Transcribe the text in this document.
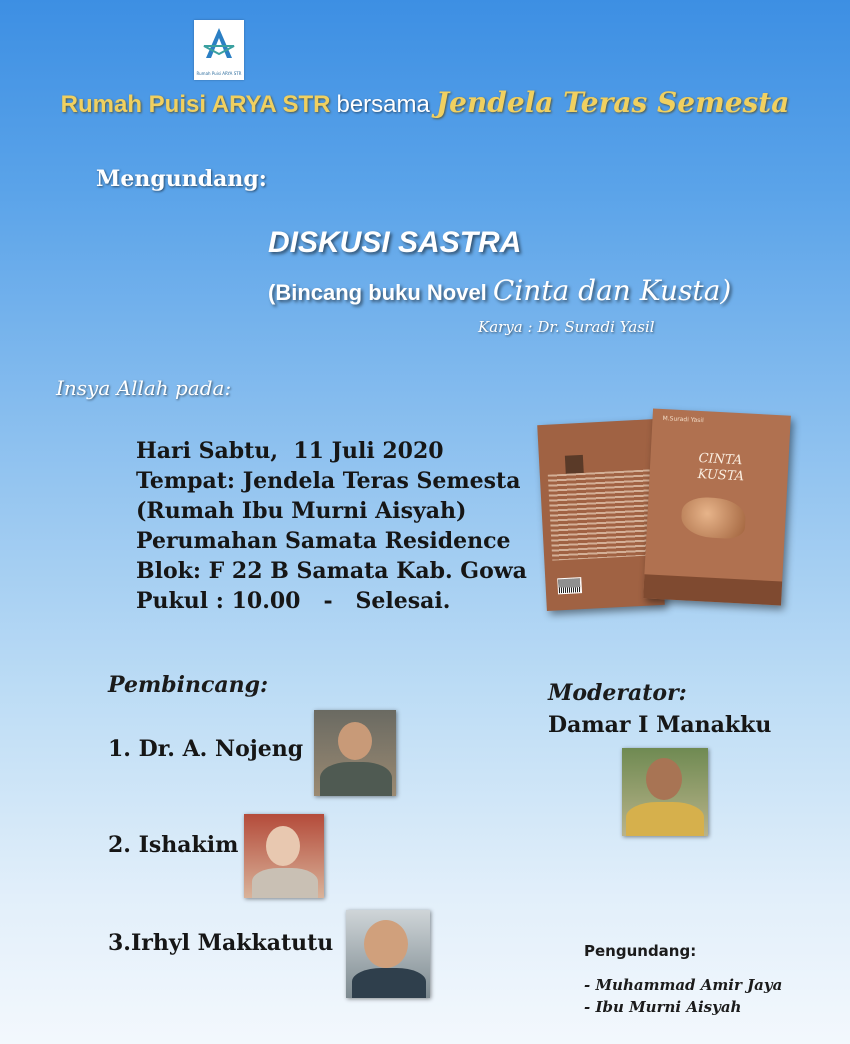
Rumah Puisi ARYA STR
Rumah Puisi ARYA STR bersama Jendela Teras Semesta
Mengundang:
DISKUSI SASTRA
(Bincang buku Novel Cinta dan Kusta)
Karya : Dr. Suradi Yasil
Insya Allah pada:
Hari Sabtu,  11 Juli 2020
Tempat: Jendela Teras Semesta
(Rumah Ibu Murni Aisyah)
Perumahan Samata Residence
Blok: F 22 B Samata Kab. Gowa
Pukul : 10.00   -   Selesai.
M.Suradi Yasil
CINTA
KUSTA
Pembincang:
1. Dr. A. Nojeng
2. Ishakim
3.Irhyl Makkatutu
Moderator:
Damar I Manakku
Pengundang:
- Muhammad Amir Jaya
- Ibu Murni Aisyah
